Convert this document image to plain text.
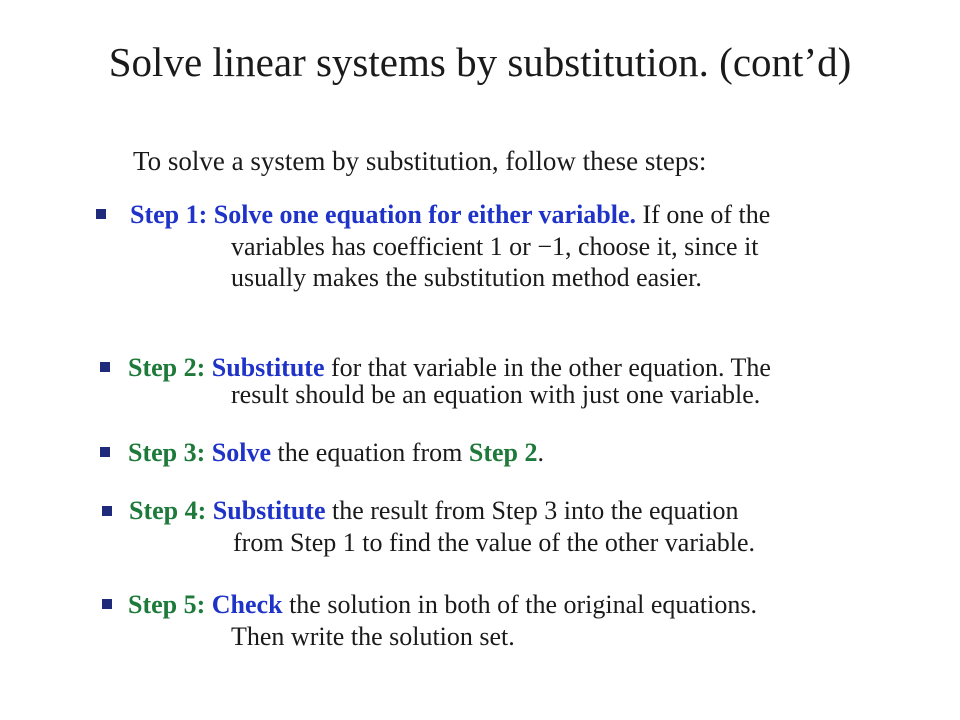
Solve linear systems by substitution. (cont’d)
To solve a system by substitution, follow these steps:
Step 1: Solve one equation for either variable. If one of the
variables has coefficient 1 or −1, choose it, since it
usually makes the substitution method easier.
Step 2: Substitute for that variable in the other equation. The
result should be an equation with just one variable.
Step 3: Solve the equation from Step 2.
Step 4: Substitute the result from Step 3 into the equation
from Step 1 to find the value of the other variable.
Step 5: Check the solution in both of the original equations.
Then write the solution set.
